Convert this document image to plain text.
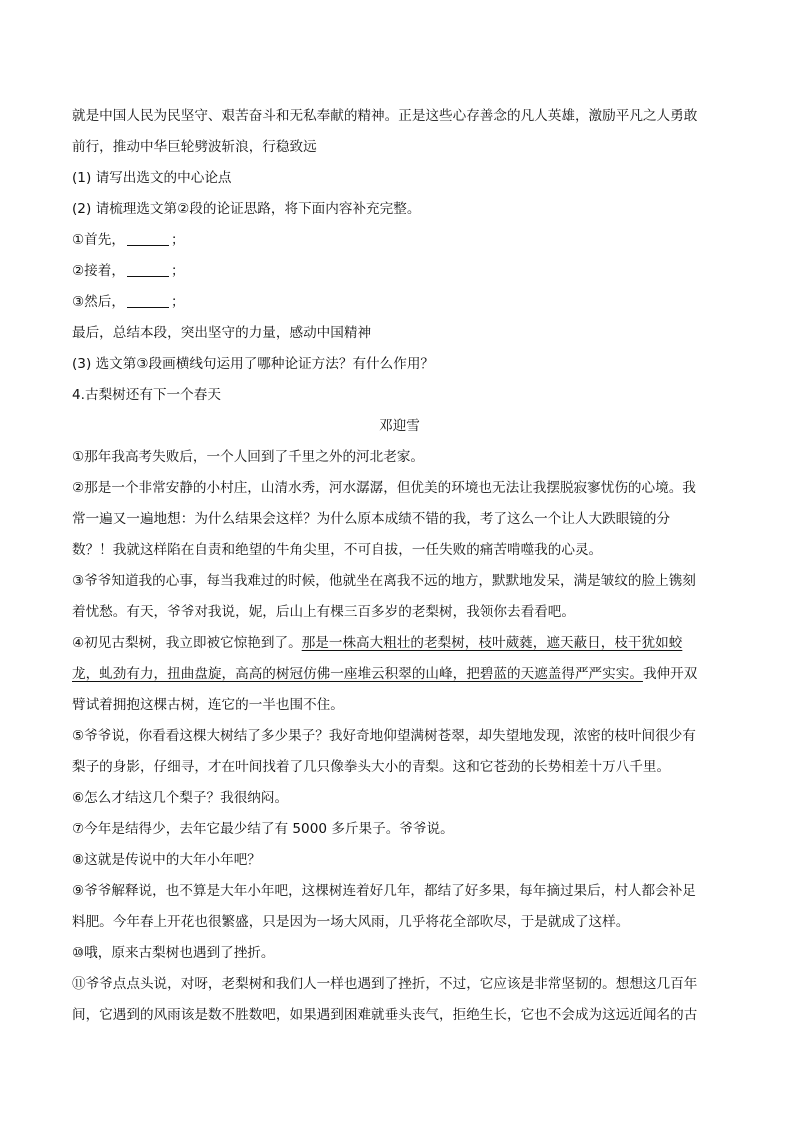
就是中国人民为民坚守、艰苦奋斗和无私奉献的精神。正是这些心存善念的凡人英雄，激励平凡之人勇敢
前行，推动中华巨轮劈波斩浪，行稳致远
(1) 请写出选文的中心论点
(2) 请梳理选文第②段的论证思路，将下面内容补充完整。
①首先，	；
②接着，	；
③然后，	；
最后，总结本段，突出坚守的力量，感动中国精神
(3) 选文第③段画横线句运用了哪种论证方法？有什么作用？
4.古梨树还有下一个春天
邓迎雪
①那年我高考失败后，一个人回到了千里之外的河北老家。
②那是一个非常安静的小村庄，山清水秀，河水潺潺，但优美的环境也无法让我摆脱寂寥忧伤的心境。我
常一遍又一遍地想：为什么结果会这样？为什么原本成绩不错的我，考了这么一个让人大跌眼镜的分
数？！我就这样陷在自责和绝望的牛角尖里，不可自拔，一任失败的痛苦啃噬我的心灵。
③爷爷知道我的心事，每当我难过的时候，他就坐在离我不远的地方，默默地发呆，满是皱纹的脸上镌刻
着忧愁。有天，爷爷对我说，妮，后山上有棵三百多岁的老梨树，我领你去看看吧。
④初见古梨树，我立即被它惊艳到了。那是一株高大粗壮的老梨树，枝叶葳蕤，遮天蔽日，枝干犹如蛟
龙，虬劲有力，扭曲盘旋，高高的树冠仿佛一座堆云积翠的山峰，把碧蓝的天遮盖得严严实实。我伸开双
臂试着拥抱这棵古树，连它的一半也围不住。
⑤爷爷说，你看看这棵大树结了多少果子？我好奇地仰望满树苍翠，却失望地发现，浓密的枝叶间很少有
梨子的身影，仔细寻，才在叶间找着了几只像拳头大小的青梨。这和它苍劲的长势相差十万八千里。
⑥怎么才结这几个梨子？我很纳闷。
⑦今年是结得少，去年它最少结了有 5000 多斤果子。爷爷说。
⑧这就是传说中的大年小年吧？
⑨爷爷解释说，也不算是大年小年吧，这棵树连着好几年，都结了好多果，每年摘过果后，村人都会补足
料肥。今年春上开花也很繁盛，只是因为一场大风雨，几乎将花全部吹尽，于是就成了这样。
⑩哦，原来古梨树也遇到了挫折。
⑪爷爷点点头说，对呀，老梨树和我们人一样也遇到了挫折，不过，它应该是非常坚韧的。想想这几百年
间，它遇到的风雨该是数不胜数吧，如果遇到困难就垂头丧气，拒绝生长，它也不会成为这远近闻名的古
